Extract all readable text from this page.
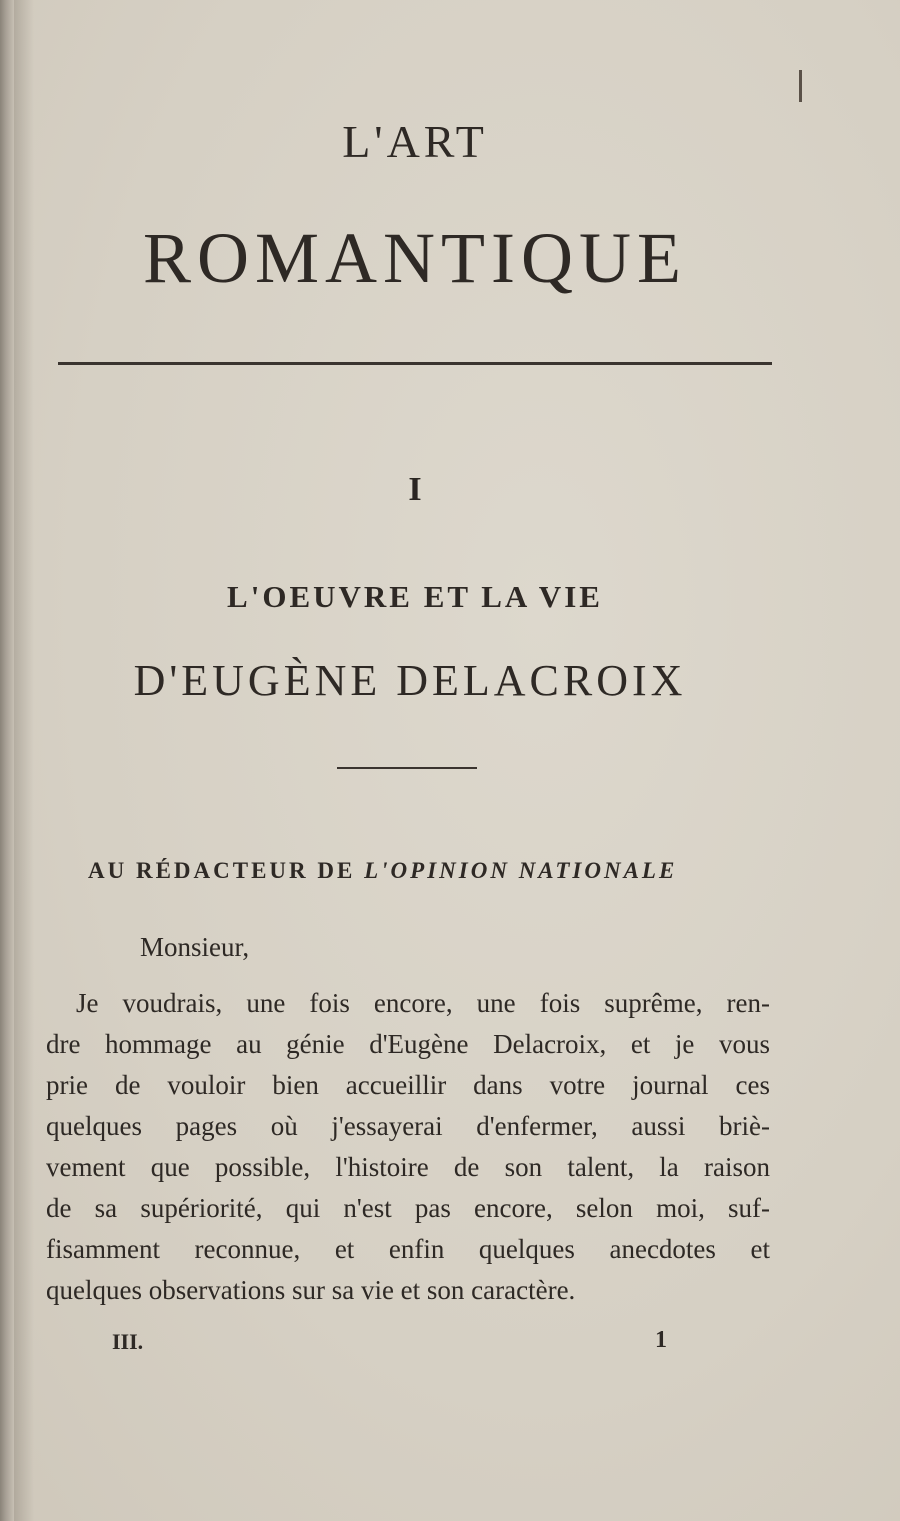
L'ART
ROMANTIQUE
I
L'OEUVRE ET LA VIE
D'EUGÈNE DELACROIX
AU RÉDACTEUR DE L'OPINION NATIONALE
Monsieur,
Je voudrais, une fois encore, une fois suprême, ren-
dre hommage au génie d'Eugène Delacroix, et je vous
prie de vouloir bien accueillir dans votre journal ces
quelques pages où j'essayerai d'enfermer, aussi briè-
vement que possible, l'histoire de son talent, la raison
de sa supériorité, qui n'est pas encore, selon moi, suf-
fisamment reconnue, et enfin quelques anecdotes et
quelques observations sur sa vie et son caractère.
III.	1
